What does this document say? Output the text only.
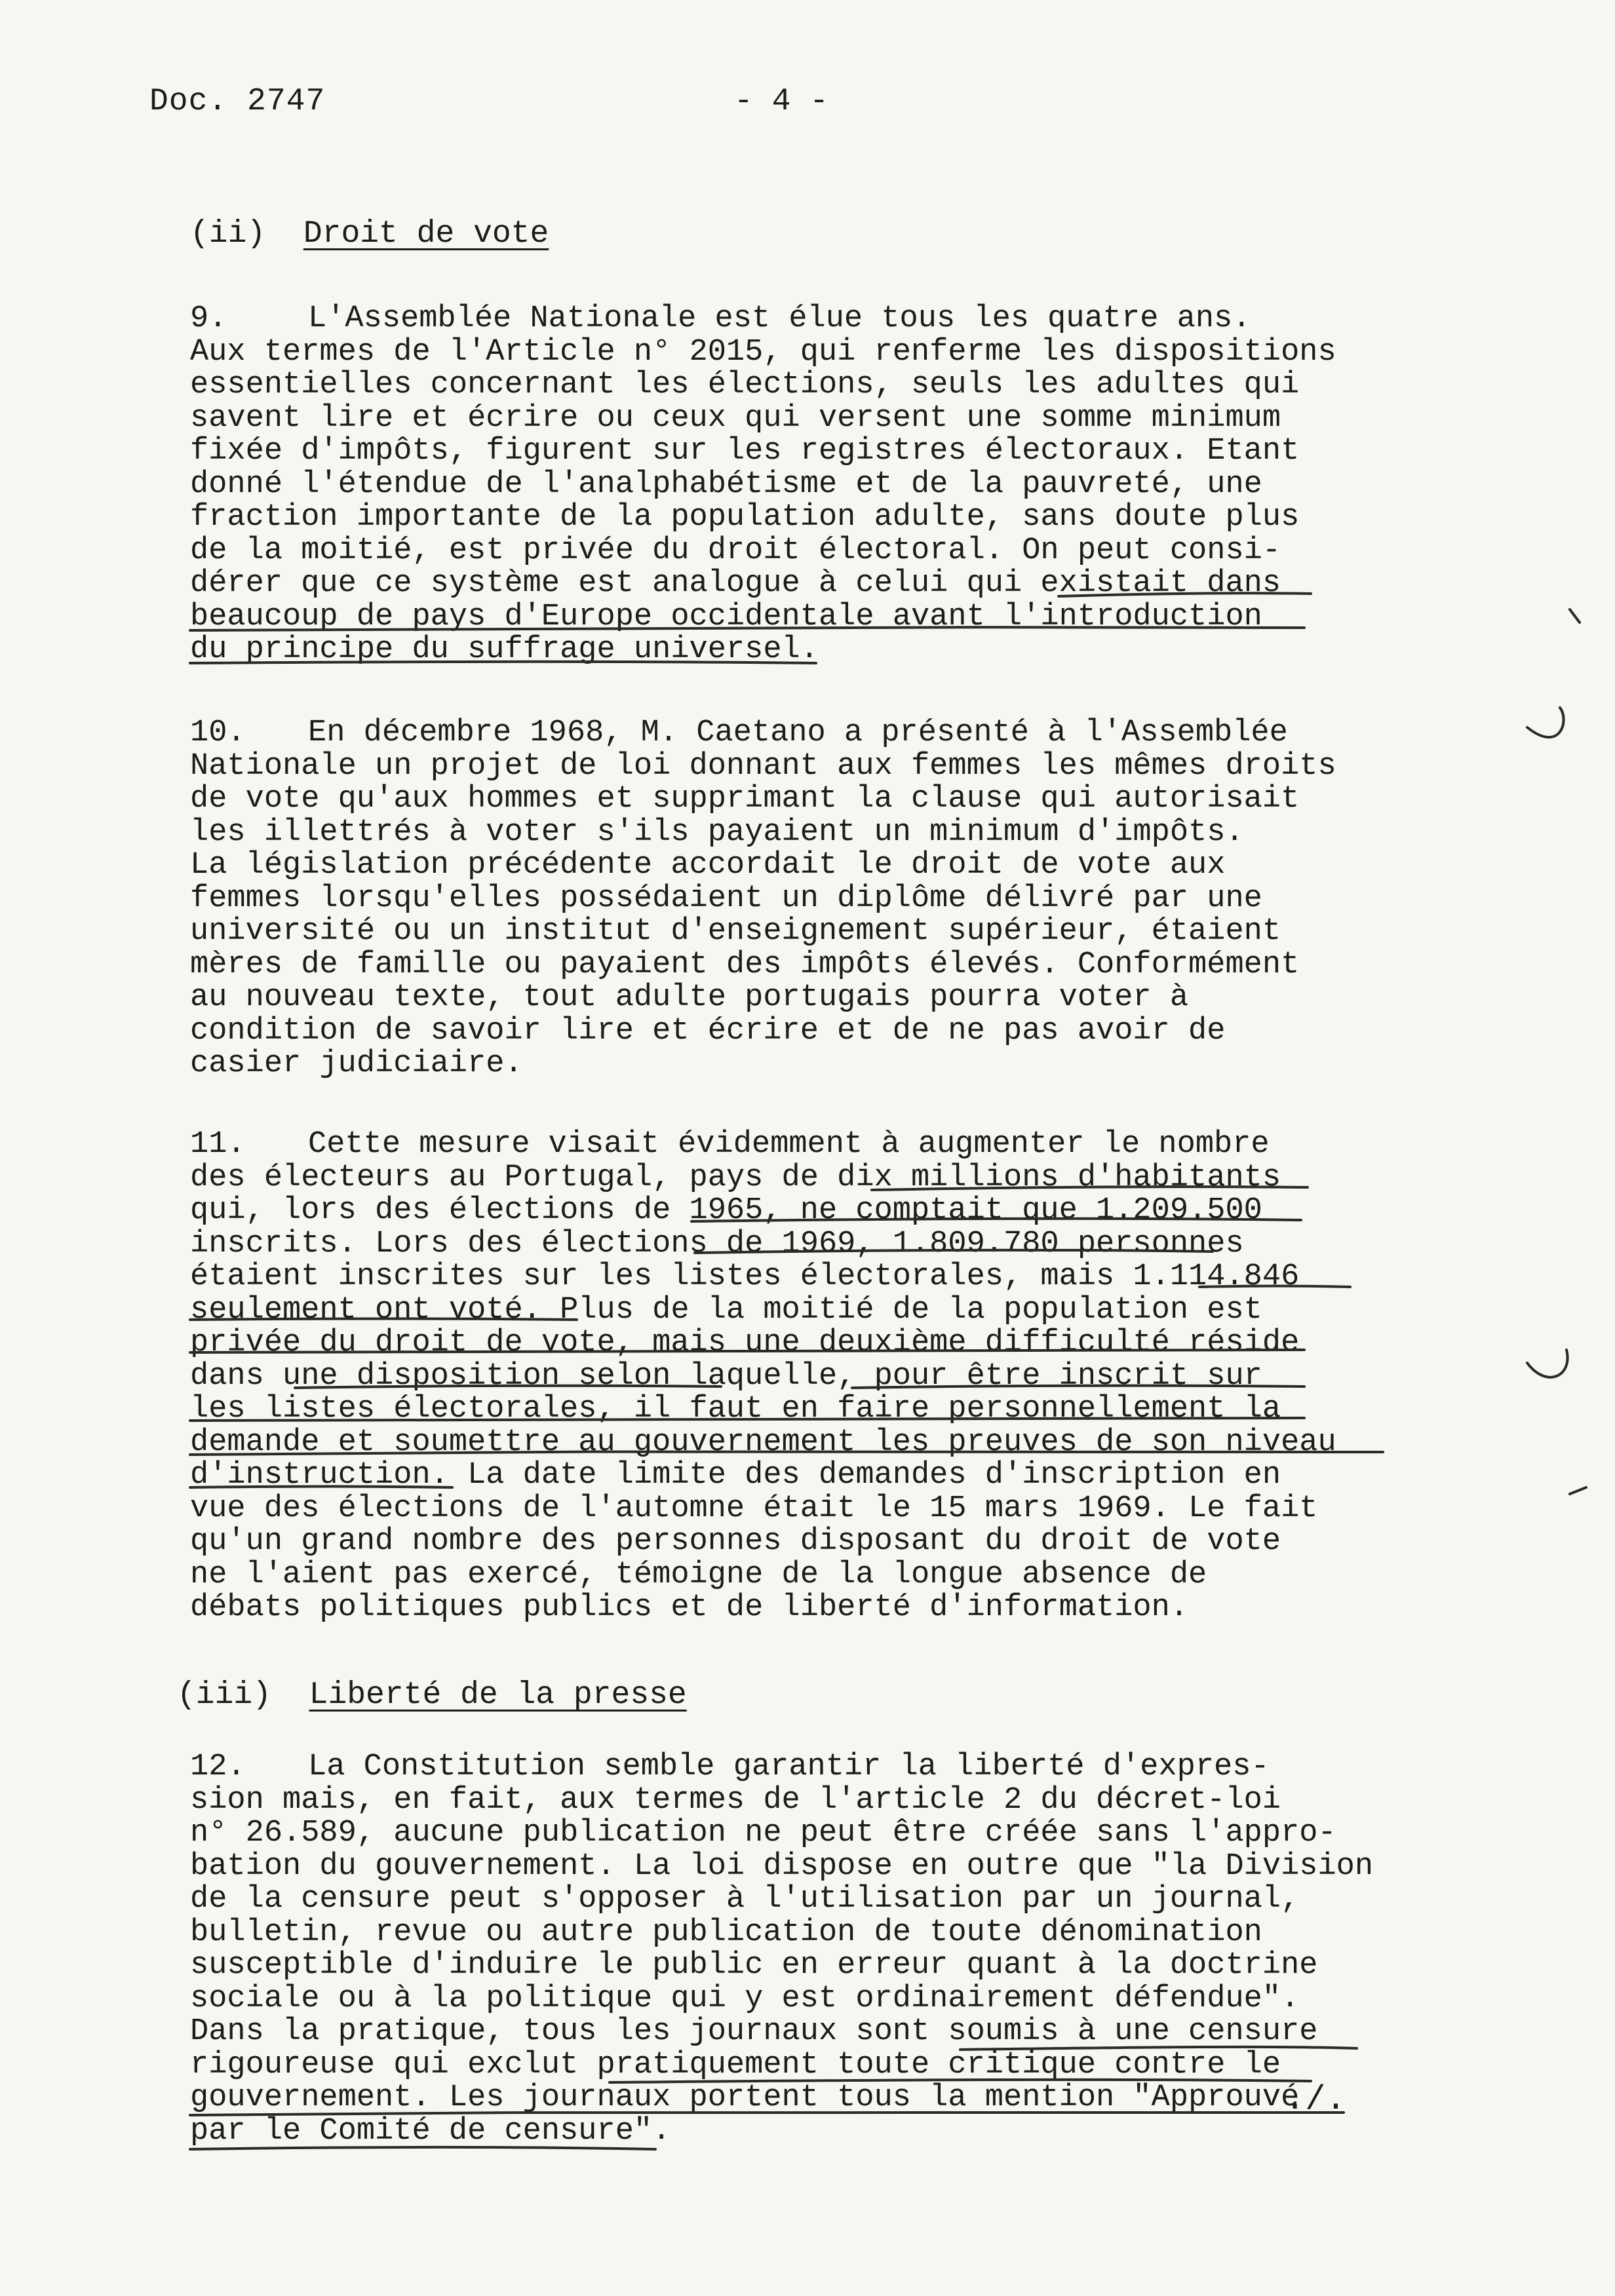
Doc. 2747	- 4 -
(ii) Droit de vote
9.	L'Assemblée Nationale est élue tous les quatre ans.
Aux termes de l'Article n° 2015, qui renferme les dispositions
essentielles concernant les élections, seuls les adultes qui
savent lire et écrire ou ceux qui versent une somme minimum
fixée d'impôts, figurent sur les registres électoraux. Etant
donné l'étendue de l'analphabétisme et de la pauvreté, une
fraction importante de la population adulte, sans doute plus
de la moitié, est privée du droit électoral. On peut consi-
dérer que ce système est analogue à celui qui existait dans
beaucoup de pays d'Europe occidentale avant l'introduction
du principe du suffrage universel.
10. En décembre 1968, M. Caetano a présenté à l'Assemblée
Nationale un projet de loi donnant aux femmes les mêmes droits
de vote qu'aux hommes et supprimant la clause qui autorisait
les illettrés à voter s'ils payaient un minimum d'impôts.
La législation précédente accordait le droit de vote aux
femmes lorsqu'elles possédaient un diplôme délivré par une
université ou un institut d'enseignement supérieur, étaient
mères de famille ou payaient des impôts élevés. Conformément
au nouveau texte, tout adulte portugais pourra voter à
condition de savoir lire et écrire et de ne pas avoir de
casier judiciaire.
11. Cette mesure visait évidemment à augmenter le nombre
des électeurs au Portugal, pays de dix millions d'habitants
qui, lors des élections de 1965, ne comptait que 1.209.500
inscrits. Lors des élections de 1969, 1.809.780 personnes
étaient inscrites sur les listes électorales, mais 1.114.846
seulement ont voté. Plus de la moitié de la population est
privée du droit de vote, mais une deuxième difficulté réside
dans une disposition selon laquelle, pour être inscrit sur
les listes électorales, il faut en faire personnellement la
demande et soumettre au gouvernement les preuves de son niveau
d'instruction. La date limite des demandes d'inscription en
vue des élections de l'automne était le 15 mars 1969. Le fait
qu'un grand nombre des personnes disposant du droit de vote
ne l'aient pas exercé, témoigne de la longue absence de
débats politiques publics et de liberté d'information.
(iii) Liberté de la presse
12. La Constitution semble garantir la liberté d'expres-
sion mais, en fait, aux termes de l'article 2 du décret-loi
n° 26.589, aucune publication ne peut être créée sans l'appro-
bation du gouvernement. La loi dispose en outre que "la Division
de la censure peut s'opposer à l'utilisation par un journal,
bulletin, revue ou autre publication de toute dénomination
susceptible d'induire le public en erreur quant à la doctrine
sociale ou à la politique qui y est ordinairement défendue".
Dans la pratique, tous les journaux sont soumis à une censure
rigoureuse qui exclut pratiquement toute critique contre le
gouvernement. Les journaux portent tous la mention "Approuvé
par le Comité de censure".
./.
